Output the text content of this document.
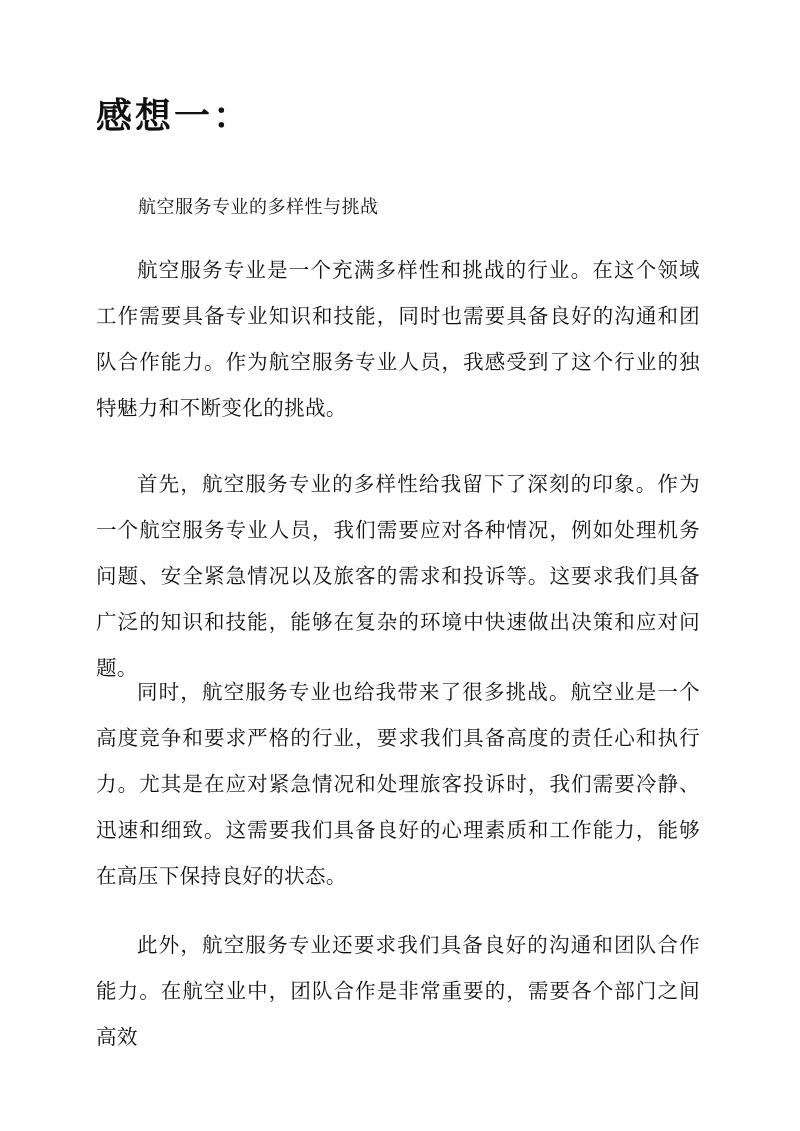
感想一：

航空服务专业的多样性与挑战

航空服务专业是一个充满多样性和挑战的行业。在这个领域工作需要具备专业知识和技能，同时也需要具备良好的沟通和团队合作能力。作为航空服务专业人员，我感受到了这个行业的独特魅力和不断变化的挑战。

首先，航空服务专业的多样性给我留下了深刻的印象。作为一个航空服务专业人员，我们需要应对各种情况，例如处理机务问题、安全紧急情况以及旅客的需求和投诉等。这要求我们具备广泛的知识和技能，能够在复杂的环境中快速做出决策和应对问题。

同时，航空服务专业也给我带来了很多挑战。航空业是一个高度竞争和要求严格的行业，要求我们具备高度的责任心和执行力。尤其是在应对紧急情况和处理旅客投诉时，我们需要冷静、迅速和细致。这需要我们具备良好的心理素质和工作能力，能够在高压下保持良好的状态。

此外，航空服务专业还要求我们具备良好的沟通和团队合作能力。在航空业中，团队合作是非常重要的，需要各个部门之间高效
